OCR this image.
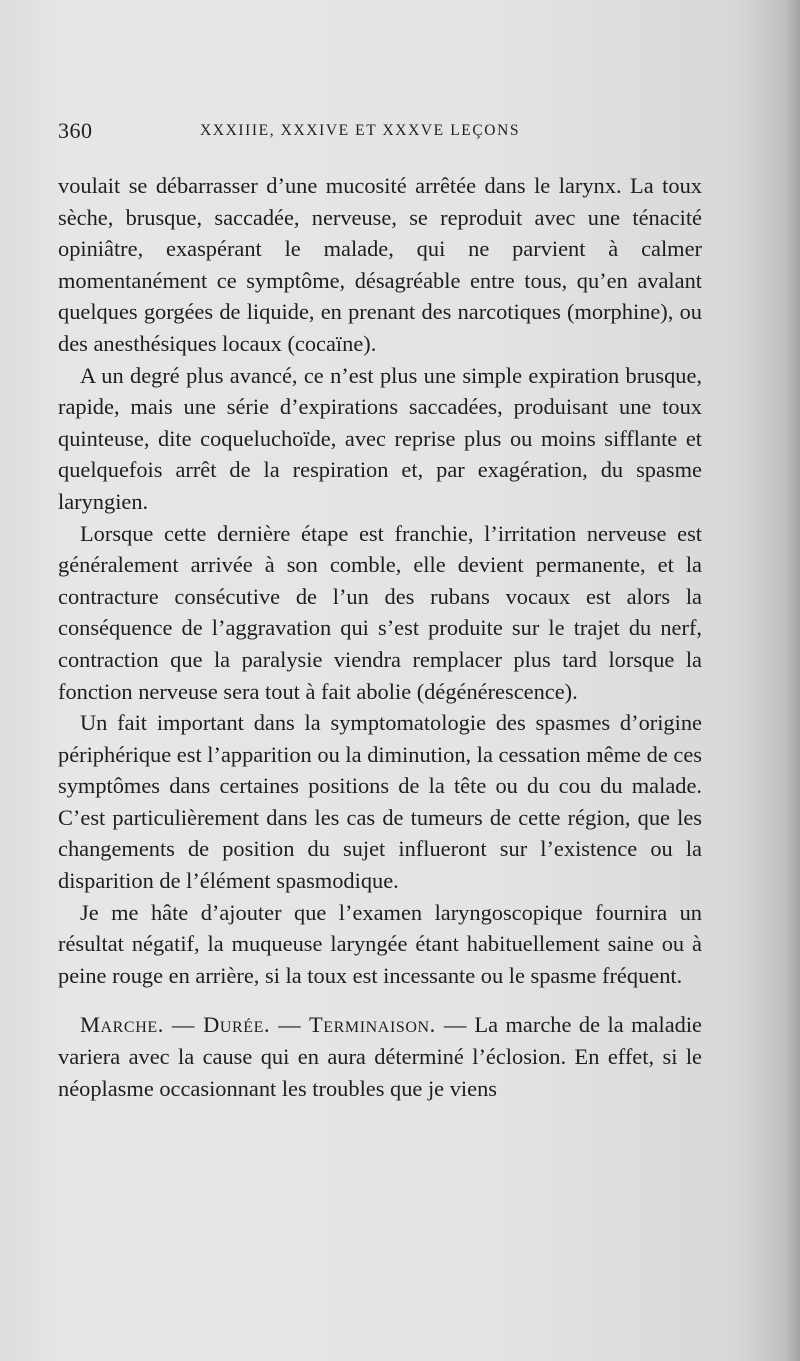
360	XXXIIIE, XXXIVE ET XXXVE LEÇONS

voulait se débarrasser d’une mucosité arrêtée dans le larynx. La toux sèche, brusque, saccadée, nerveuse, se reproduit avec une ténacité opiniâtre, exaspérant le malade, qui ne parvient à calmer momentanément ce symptôme, désagréable entre tous, qu’en avalant quelques gorgées de liquide, en prenant des narcotiques (morphine), ou des anesthésiques locaux (cocaïne).

A un degré plus avancé, ce n’est plus une simple expiration brusque, rapide, mais une série d’expirations saccadées, produisant une toux quinteuse, dite coqueluchoïde, avec reprise plus ou moins sifflante et quelquefois arrêt de la respiration et, par exagération, du spasme laryngien.

Lorsque cette dernière étape est franchie, l’irritation nerveuse est généralement arrivée à son comble, elle devient permanente, et la contracture consécutive de l’un des rubans vocaux est alors la conséquence de l’aggravation qui s’est produite sur le trajet du nerf, contraction que la paralysie viendra remplacer plus tard lorsque la fonction nerveuse sera tout à fait abolie (dégénérescence).

Un fait important dans la symptomatologie des spasmes d’origine périphérique est l’apparition ou la diminution, la cessation même de ces symptômes dans certaines positions de la tête ou du cou du malade. C’est particulièrement dans les cas de tumeurs de cette région, que les changements de position du sujet influeront sur l’existence ou la disparition de l’élément spasmodique.

Je me hâte d’ajouter que l’examen laryngoscopique fournira un résultat négatif, la muqueuse laryngée étant habituellement saine ou à peine rouge en arrière, si la toux est incessante ou le spasme fréquent.

Marche. — Durée. — Terminaison. — La marche de la maladie variera avec la cause qui en aura déterminé l’éclosion. En effet, si le néoplasme occasionnant les troubles que je viens
